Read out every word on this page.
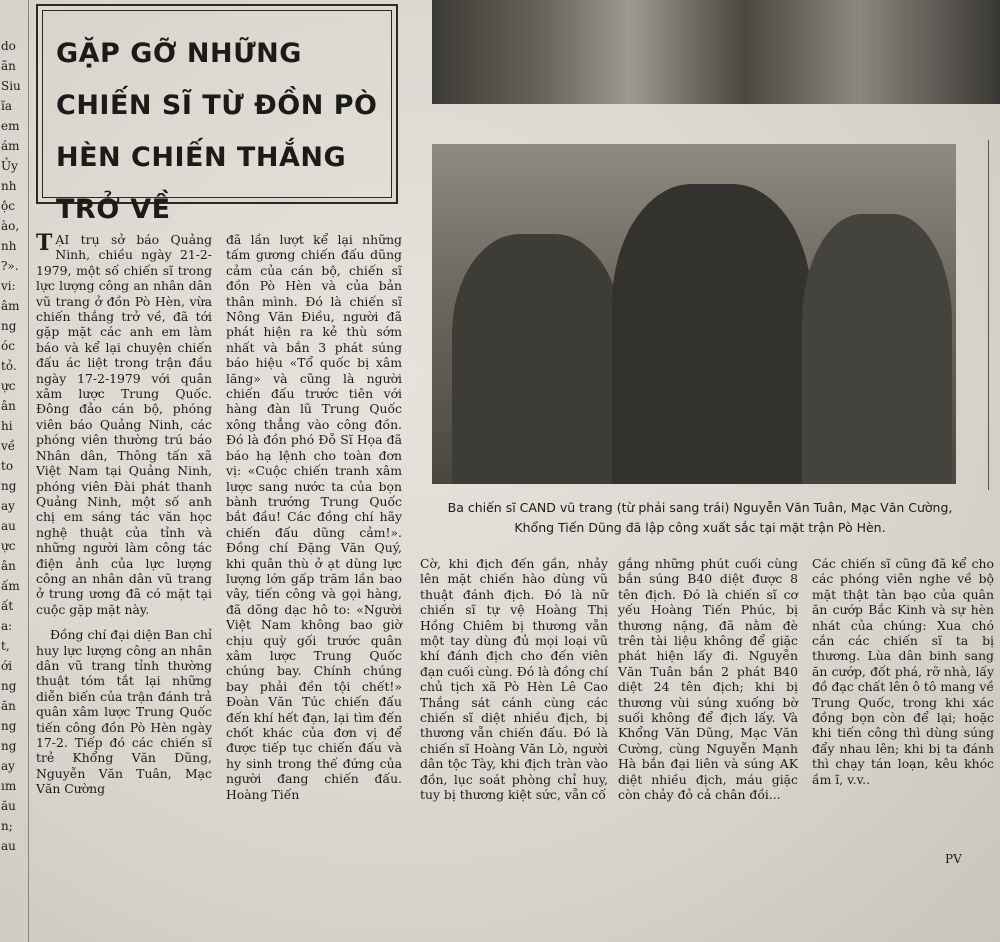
do
ãn
Siu
ĩa
em
ám
Ủy
nh
ộc
ào,
nh
?».
vi:
âm
ng
óc
tỏ.
ực
ân
hi
về
to
ng
ay
au
ực
ân
ấm
ất
a:
t,
ới
ng
ăn
ng
ng
ay
ım
ău
n;
au
GẶP GỠ NHỮNG CHIẾN SĨ TỪ ĐỒN PÒ HÈN CHIẾN THẮNG TRỞ VỀ

TẠI trụ sở báo Quảng Ninh, chiều ngày 21-2-1979, một số chiến sĩ trong lực lượng công an nhân dân vũ trang ở đồn Pò Hèn, vừa chiến thắng trở về, đã tới gặp mặt các anh em làm báo và kể lại chuyện chiến đấu ác liệt trong trận đầu ngày 17-2-1979 với quân xâm lược Trung Quốc. Đông đảo cán bộ, phóng viên báo Quảng Ninh, các phóng viên thường trú báo Nhân dân, Thông tấn xã Việt Nam tại Quảng Ninh, phóng viên Đài phát thanh Quảng Ninh, một số anh chị em sáng tác văn học nghệ thuật của tỉnh và những người làm công tác điện ảnh của lực lượng công an nhân dân vũ trang ở trung ương đã có mặt tại cuộc gặp mặt này.

Đồng chí đại diện Ban chỉ huy lực lượng công an nhân dân vũ trang tỉnh thường thuật tóm tắt lại những diễn biến của trận đánh trả quân xâm lược Trung Quốc tiến công đồn Pò Hèn ngày 17-2. Tiếp đó các chiến sĩ trẻ Khổng Văn Dũng, Nguyễn Văn Tuân, Mạc Văn Cường

đã lần lượt kể lại những tấm gương chiến đấu dũng cảm của cán bộ, chiến sĩ đồn Pò Hèn và của bản thân mình. Đó là chiến sĩ Nông Văn Điều, người đã phát hiện ra kẻ thù sớm nhất và bắn 3 phát súng báo hiệu «Tổ quốc bị xâm lăng» và cũng là người chiến đấu trước tiên với hàng đàn lũ Trung Quốc xông thẳng vào công đồn. Đó là đồn phó Đỗ Sĩ Họa đã báo hạ lệnh cho toàn đơn vị: «Cuộc chiến tranh xâm lược sang nước ta của bọn bành trướng Trung Quốc bắt đầu! Các đồng chí hãy chiến đấu dũng cảm!». Đồng chí Đặng Văn Quý, khi quân thù ở ạt dùng lực lượng lớn gấp trăm lần bao vây, tiến công và gọi hàng, đã dõng dạc hô to: «Người Việt Nam không bao giờ chịu quỳ gối trước quân xâm lược Trung Quốc chúng bay. Chính chúng bay phải đền tội chết!» Đoàn Văn Túc chiến đấu đến khí hết đạn, lại tìm đến chốt khác của đơn vị để được tiếp tục chiến đấu và hy sinh trong thế đứng của người đang chiến đấu. Hoàng Tiến

Ba chiến sĩ CAND vũ trang (từ phải sang trái) Nguyễn Văn Tuân, Mạc Văn Cường, Khổng Tiến Dũng đã lập công xuất sắc tại mặt trận Pò Hèn.

Cờ, khi địch đến gần, nhảy lên mặt chiến hào dùng vũ thuật đánh địch. Đó là nữ chiến sĩ tự vệ Hoàng Thị Hồng Chiêm bị thương vẫn một tay dùng đủ mọi loại vũ khí đánh địch cho đến viên đạn cuối cùng. Đó là đồng chí chủ tịch xã Pò Hèn Lê Cao Thắng sát cánh cùng các chiến sĩ diệt nhiều địch, bị thương vẫn chiến đấu. Đó là chiến sĩ Hoàng Văn Lò, người dân tộc Tày, khi địch tràn vào đồn, lục soát phòng chỉ huy, tuy bị thương kiệt sức, vẫn cố

gắng những phút cuối cùng bắn súng B40 diệt được 8 tên địch. Đó là chiến sĩ cơ yếu Hoàng Tiến Phúc, bị thương nặng, đã nằm đè trên tài liệu không để giặc phát hiện lấy đi. Nguyễn Văn Tuân bắn 2 phát B40 diệt 24 tên địch; khi bị thương vùi súng xuống bờ suối không để địch lấy. Và Khổng Văn Dũng, Mạc Văn Cường, cùng Nguyễn Mạnh Hà bắn đại liên và súng AK diệt nhiều địch, máu giặc còn chảy đỏ cả chân đồi...

Các chiến sĩ cũng đã kể cho các phóng viên nghe về bộ mặt thật tàn bạo của quân ăn cướp Bắc Kinh và sự hèn nhát của chúng: Xua chó cắn các chiến sĩ ta bị thương. Lùa dân binh sang ăn cướp, đốt phá, rỡ nhà, lấy đồ đạc chất lên ô tô mang về Trung Quốc, trong khi xác đồng bọn còn để lại; hoặc khi tiến công thì dùng súng đẩy nhau lên; khi bị ta đánh thì chạy tán loạn, kêu khóc ầm ĩ, v.v..

PV
